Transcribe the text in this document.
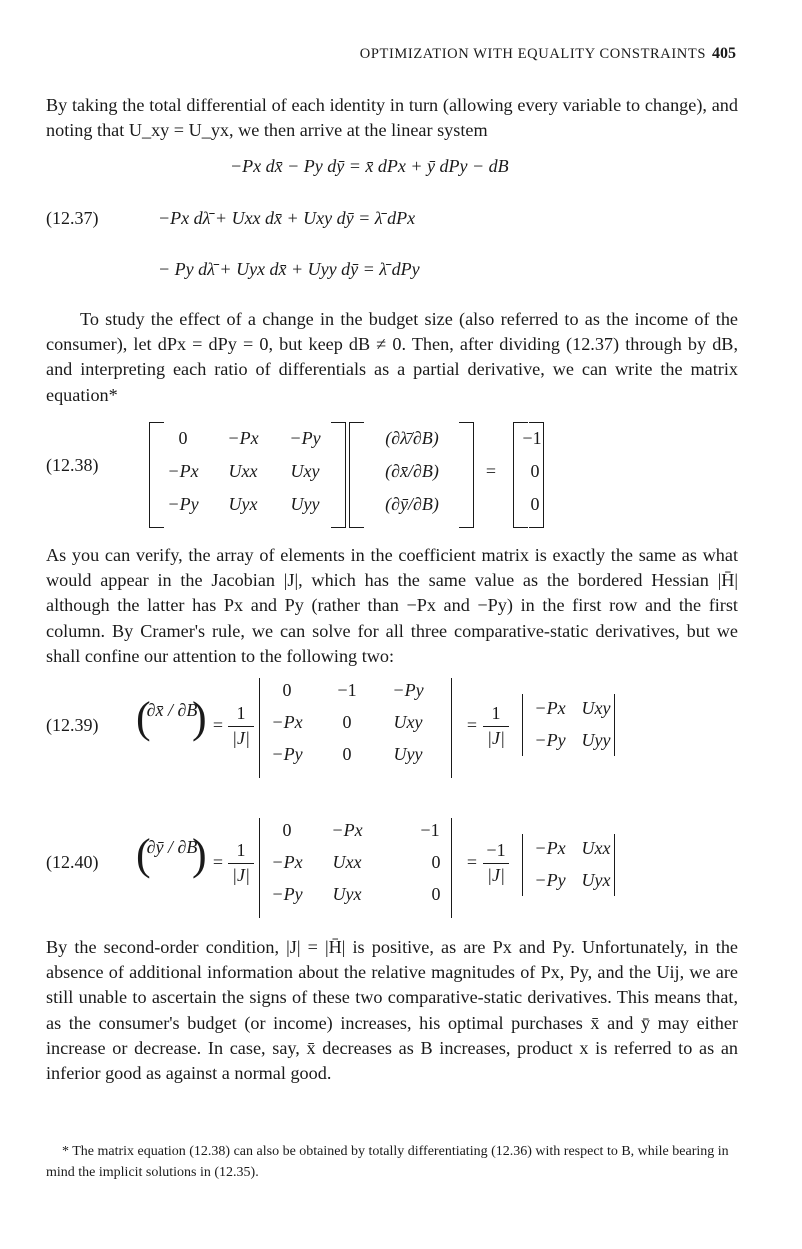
OPTIMIZATION WITH EQUALITY CONSTRAINTS 405
By taking the total differential of each identity in turn (allowing every variable to change), and noting that U_xy = U_yx, we then arrive at the linear system
−Px dx̄ − Py dȳ = x̄ dPx + ȳ dPy − dB
(12.37)	−Px dλ̄ + Uxx dx̄ + Uxy dȳ = λ̄ dPx
− Py dλ̄ + Uyx dx̄ + Uyy dȳ = λ̄ dPy
To study the effect of a change in the budget size (also referred to as the income of the consumer), let dPx = dPy = 0, but keep dB ≠ 0. Then, after dividing (12.37) through by dB, and interpreting each ratio of differentials as a partial derivative, we can write the matrix equation*
(12.38)
0 −Px −Py
−Px Uxx Uxy
−Py Uyx Uyy
(∂λ̄/∂B)
(∂x̄/∂B)
(∂ȳ/∂B)
=
−1
0
0
As you can verify, the array of elements in the coefficient matrix is exactly the same as what would appear in the Jacobian |J|, which has the same value as the bordered Hessian |H̄| although the latter has Px and Py (rather than −Px and −Py) in the first row and the first column. By Cramer's rule, we can solve for all three comparative-static derivatives, but we shall confine our attention to the following two:
(12.39) (
∂x̄ / ∂B
) =
1
|J|
0	−1 −Py
−Px 0 Uxy
−Py 0 Uyy
=
1
|J|
−Px Uxy
−Py Uyy
(12.40) (
∂ȳ / ∂B
) =
1
|J|
0 −Px	−1
−Px Uxx	0
−Py Uyx	0
=
−1
|J|
−Px Uxx
−Py Uyx
By the second-order condition, |J| = |H̄| is positive, as are Px and Py. Unfortunately, in the absence of additional information about the relative magnitudes of Px, Py, and the Uij, we are still unable to ascertain the signs of these two comparative-static derivatives. This means that, as the consumer's budget (or income) increases, his optimal purchases x̄ and ȳ may either increase or decrease. In case, say, x̄ decreases as B increases, product x is referred to as an inferior good as against a normal good.
* The matrix equation (12.38) can also be obtained by totally differentiating (12.36) with respect to B, while bearing in mind the implicit solutions in (12.35).
